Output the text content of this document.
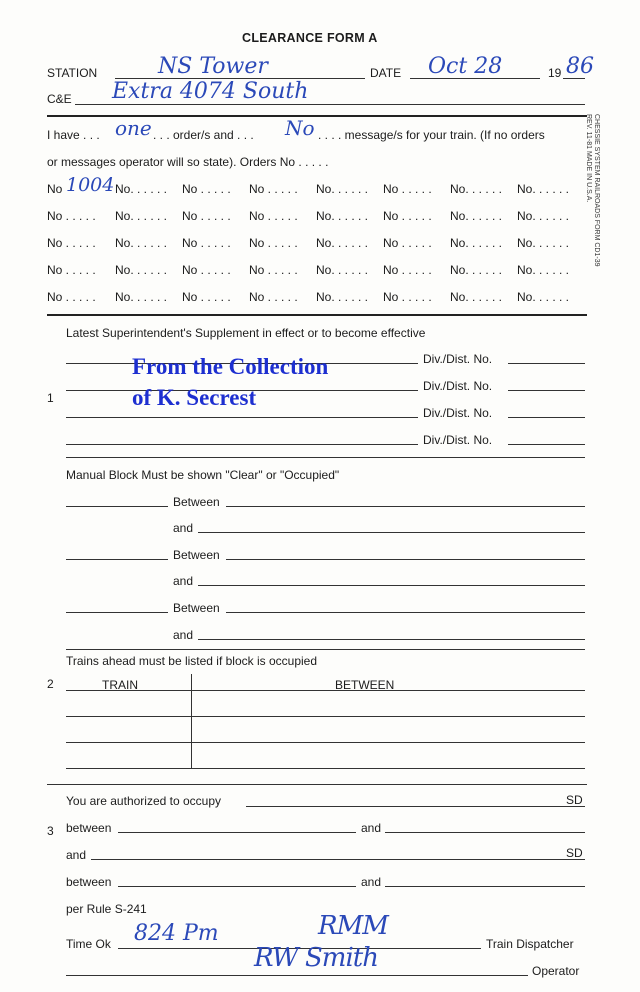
CLEARANCE FORM A
STATION	NS Tower	DATE Oct 28	19 86
C&E Extra 4074 South
I have . . . one . . . order/s and . . . No . . . . message/s for your train. (If no orders
or messages operator will so state). Orders No . . . . .
No 1004 No. . . . . . No . . . . . No . . . . . No. . . . . . No . . . . . No. . . . . . No. . . . . .
No . . . . . No. . . . . . No . . . . . No . . . . . No. . . . . . No . . . . . No. . . . . . No. . . . . .
No . . . . . No. . . . . . No . . . . . No . . . . . No. . . . . . No . . . . . No. . . . . . No. . . . . .
No . . . . . No. . . . . . No . . . . . No . . . . . No. . . . . . No . . . . . No. . . . . . No. . . . . .
No . . . . . No. . . . . . No . . . . . No . . . . . No. . . . . . No . . . . . No. . . . . . No. . . . . .
Latest Superintendent's Supplement in effect or to become effective
Div./Dist. No.
Div./Dist. No.
Div./Dist. No.
Div./Dist. No.
1
From the Collection
of K. Secrest
Manual Block Must be shown "Clear" or "Occupied"
Between
and
Between
and
Between
and
Trains ahead must be listed if block is occupied
2	TRAIN	BETWEEN
You are authorized to occupy	SD
3 between	and
and	SD
between	and
per Rule S-241
Time Ok 824 Pm	RMM
Train Dispatcher
RW Smith	Operator
CHESSIE SYSTEM RAILROADS FORM CD1-39
REV. 11-81 MADE IN U.S.A.
